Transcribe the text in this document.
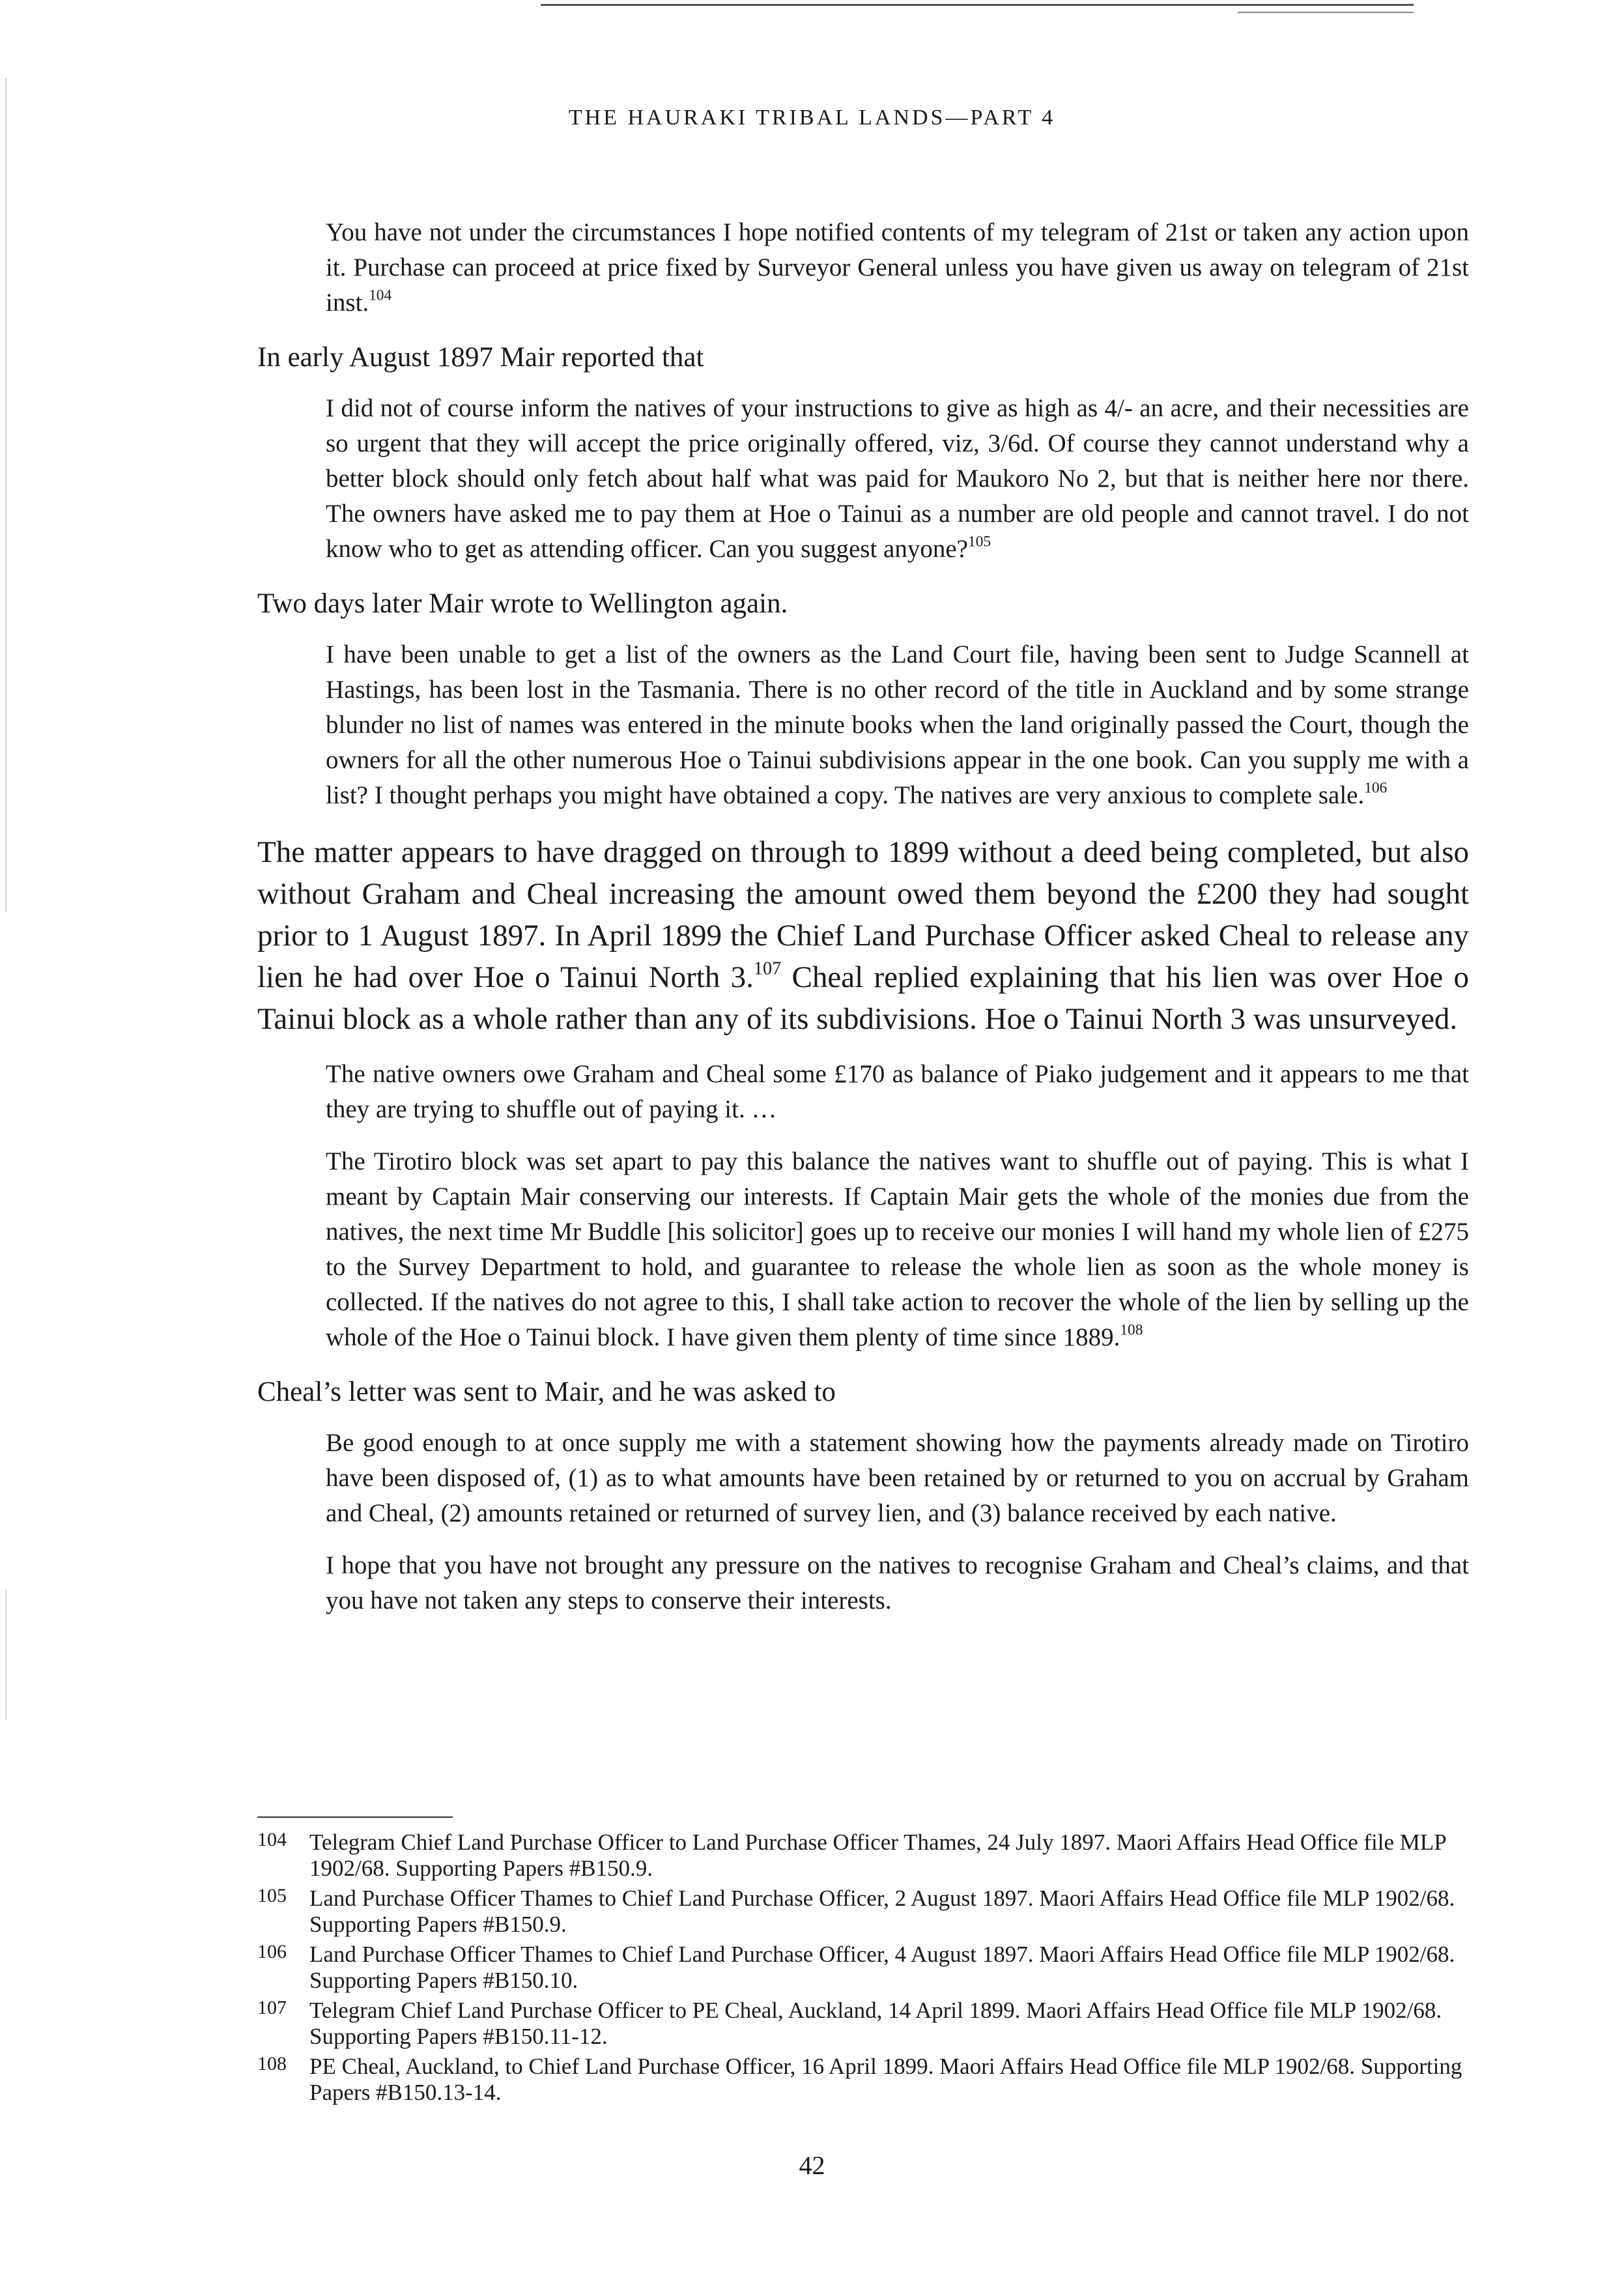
THE HAURAKI TRIBAL LANDS—PART 4

You have not under the circumstances I hope notified contents of my telegram of 21st or taken any action upon it. Purchase can proceed at price fixed by Surveyor General unless you have given us away on telegram of 21st inst.$^{104}$

In early August 1897 Mair reported that

I did not of course inform the natives of your instructions to give as high as 4/- an acre, and their necessities are so urgent that they will accept the price originally offered, viz, 3/6d. Of course they cannot understand why a better block should only fetch about half what was paid for Maukoro No 2, but that is neither here nor there. The owners have asked me to pay them at Hoe o Tainui as a number are old people and cannot travel. I do not know who to get as attending officer. Can you suggest anyone?$^{105}$

Two days later Mair wrote to Wellington again.

I have been unable to get a list of the owners as the Land Court file, having been sent to Judge Scannell at Hastings, has been lost in the Tasmania. There is no other record of the title in Auckland and by some strange blunder no list of names was entered in the minute books when the land originally passed the Court, though the owners for all the other numerous Hoe o Tainui subdivisions appear in the one book. Can you supply me with a list? I thought perhaps you might have obtained a copy. The natives are very anxious to complete sale.$^{106}$

The matter appears to have dragged on through to 1899 without a deed being completed, but also without Graham and Cheal increasing the amount owed them beyond the £200 they had sought prior to 1 August 1897. In April 1899 the Chief Land Purchase Officer asked Cheal to release any lien he had over Hoe o Tainui North 3.$^{107}$ Cheal replied explaining that his lien was over Hoe o Tainui block as a whole rather than any of its subdivisions. Hoe o Tainui North 3 was unsurveyed.

The native owners owe Graham and Cheal some £170 as balance of Piako judgement and it appears to me that they are trying to shuffle out of paying it. …

The Tirotiro block was set apart to pay this balance the natives want to shuffle out of paying. This is what I meant by Captain Mair conserving our interests. If Captain Mair gets the whole of the monies due from the natives, the next time Mr Buddle [his solicitor] goes up to receive our monies I will hand my whole lien of £275 to the Survey Department to hold, and guarantee to release the whole lien as soon as the whole money is collected. If the natives do not agree to this, I shall take action to recover the whole of the lien by selling up the whole of the Hoe o Tainui block. I have given them plenty of time since 1889.$^{108}$

Cheal’s letter was sent to Mair, and he was asked to

Be good enough to at once supply me with a statement showing how the payments already made on Tirotiro have been disposed of, (1) as to what amounts have been retained by or returned to you on accrual by Graham and Cheal, (2) amounts retained or returned of survey lien, and (3) balance received by each native.

I hope that you have not brought any pressure on the natives to recognise Graham and Cheal’s claims, and that you have not taken any steps to conserve their interests.

104 Telegram Chief Land Purchase Officer to Land Purchase Officer Thames, 24 July 1897. Maori Affairs Head Office file MLP 1902/68. Supporting Papers #B150.9.
105 Land Purchase Officer Thames to Chief Land Purchase Officer, 2 August 1897. Maori Affairs Head Office file MLP 1902/68. Supporting Papers #B150.9.
106 Land Purchase Officer Thames to Chief Land Purchase Officer, 4 August 1897. Maori Affairs Head Office file MLP 1902/68. Supporting Papers #B150.10.
107 Telegram Chief Land Purchase Officer to PE Cheal, Auckland, 14 April 1899. Maori Affairs Head Office file MLP 1902/68. Supporting Papers #B150.11-12.
108 PE Cheal, Auckland, to Chief Land Purchase Officer, 16 April 1899. Maori Affairs Head Office file MLP 1902/68. Supporting Papers #B150.13-14.
42
